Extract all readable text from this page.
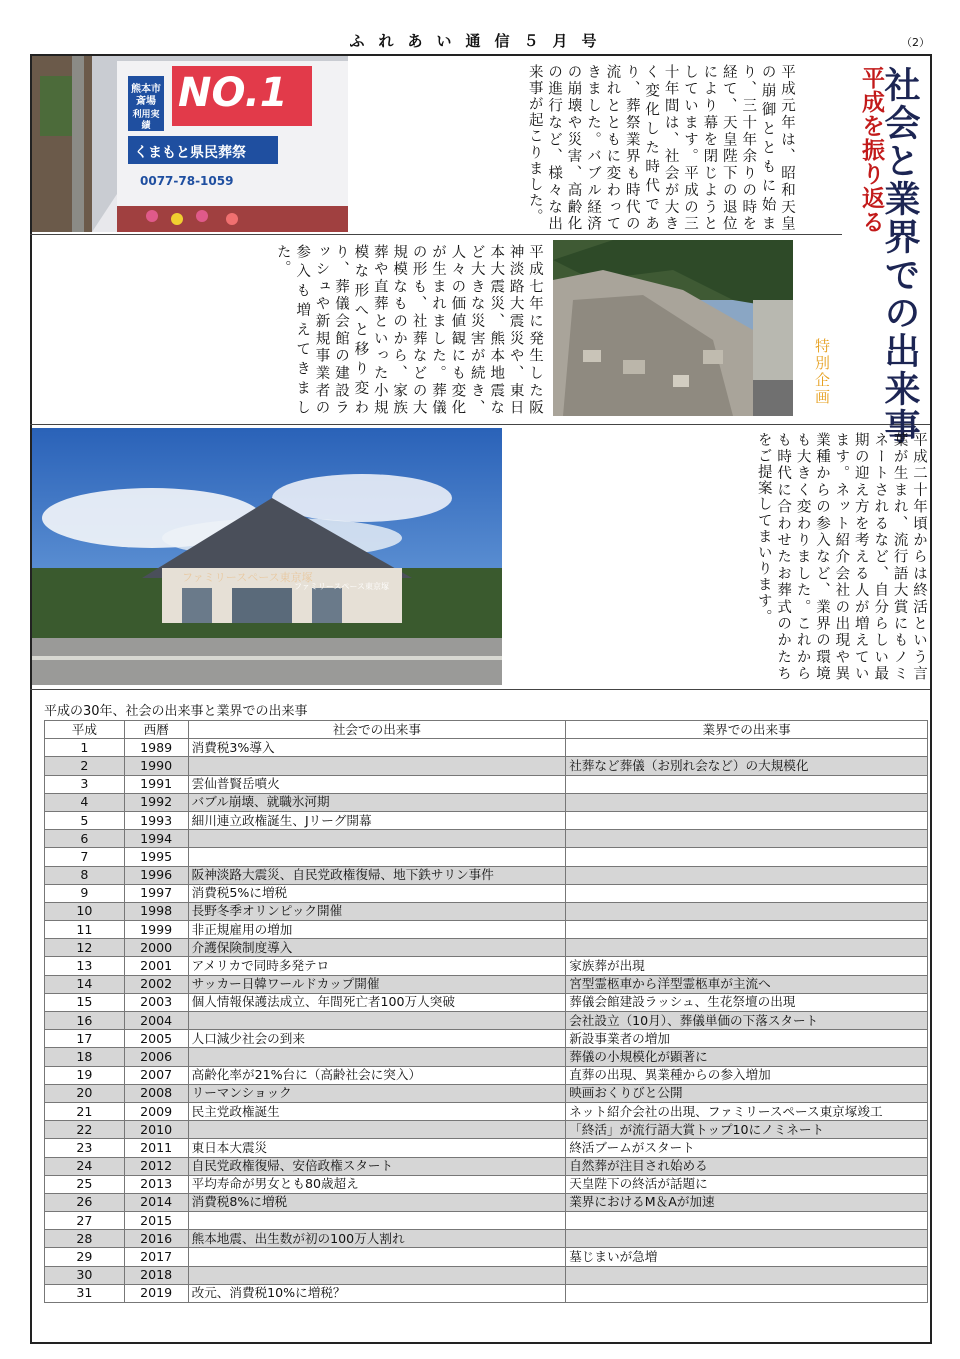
ふれあい通信５月号	（2）
熊本市斎場
利用実績
NO.1
くまもと県民葬祭
0077-78-1059	平成元年は、昭和天皇の崩御とともに始まり、三十年余りの時を経て、天皇陛下の退位により幕を閉じようとしています。平成の三十年間は、社会が大きく変化した時代であり、葬祭業界も時代の流れとともに変わってきました。バブル経済の崩壊や災害、高齢化の進行など、様々な出来事が起こりました。	社会と業界での出来事
平成を振り返る
特別企画
平成七年に発生した阪神淡路大震災や、東日本大震災、熊本地震など大きな災害が続き、人々の価値観にも変化が生まれました。葬儀の形も、社葬などの大規模なものから、家族葬や直葬といった小規模な形へと移り変わり、葬儀会館の建設ラッシュや新規事業者の参入も増えてきました。
ファミリースペース東京塚
ファミリースペース東京塚	平成二十年頃からは終活という言葉が生まれ、流行語大賞にもノミネートされるなど、自分らしい最期の迎え方を考える人が増えています。ネット紹介会社の出現や異業種からの参入など、業界の環境も大きく変わりました。これからも時代に合わせたお葬式のかたちをご提案してまいります。
平成の30年、社会の出来事と業界での出来事
平成	西暦	社会での出来事	業界での出来事
1	1989	消費税3%導入	
2	1990		社葬など葬儀（お別れ会など）の大規模化
3	1991	雲仙普賢岳噴火	
4	1992	バブル崩壊、就職氷河期	
5	1993	細川連立政権誕生、Jリーグ開幕	
6	1994		
7	1995		
8	1996	阪神淡路大震災、自民党政権復帰、地下鉄サリン事件	
9	1997	消費税5%に増税	
10	1998	長野冬季オリンピック開催	
11	1999	非正規雇用の増加	
12	2000	介護保険制度導入	
13	2001	アメリカで同時多発テロ	家族葬が出現
14	2002	サッカー日韓ワールドカップ開催	宮型霊柩車から洋型霊柩車が主流へ
15	2003	個人情報保護法成立、年間死亡者100万人突破	葬儀会館建設ラッシュ、生花祭壇の出現
16	2004		会社設立（10月）、葬儀単価の下落スタート
17	2005	人口減少社会の到来	新設事業者の増加
18	2006		葬儀の小規模化が顕著に
19	2007	高齢化率が21%台に（高齢社会に突入）	直葬の出現、異業種からの参入増加
20	2008	リーマンショック	映画おくりびと公開
21	2009	民主党政権誕生	ネット紹介会社の出現、ファミリースペース東京塚竣工
22	2010		「終活」が流行語大賞トップ10にノミネート
23	2011	東日本大震災	終活ブームがスタート
24	2012	自民党政権復帰、安倍政権スタート	自然葬が注目され始める
25	2013	平均寿命が男女とも80歳超え	天皇陛下の終活が話題に
26	2014	消費税8%に増税	業界におけるM＆Aが加速
27	2015		
28	2016	熊本地震、出生数が初の100万人割れ	
29	2017		墓じまいが急増
30	2018		
31	2019	改元、消費税10%に増税？	
